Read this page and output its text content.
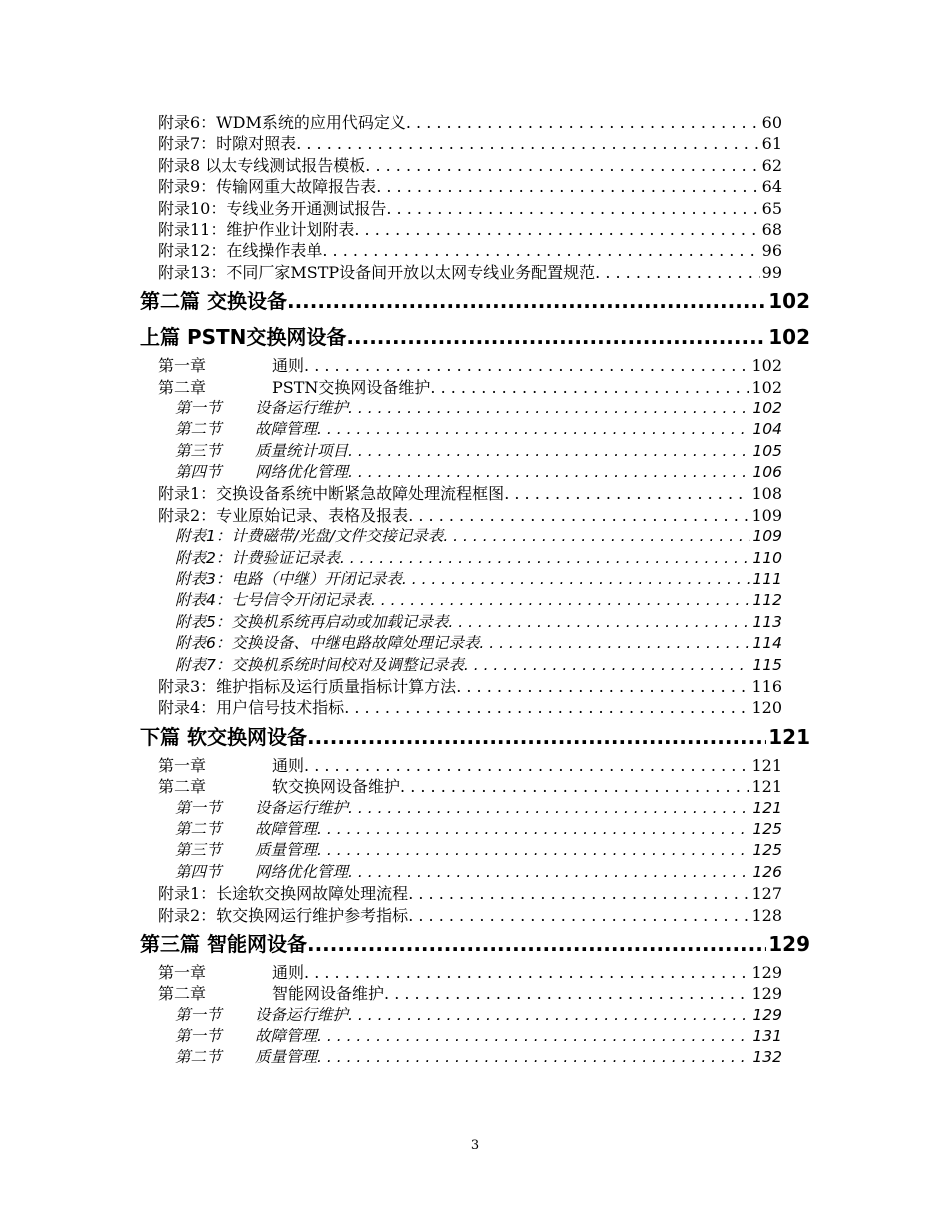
附录6：WDM系统的应用代码定义 . . .	60
附录7：时隙对照表 . . .	61
附录8 以太专线测试报告模板 . . .	62
附录9：传输网重大故障报告表 . . .	64
附录10：专线业务开通测试报告 . . .	65
附录11：维护作业计划附表 . . .	68
附录12：在线操作表单 . . .	96
附录13：不同厂家MSTP设备间开放以太网专线业务配置规范 . . .	99
第二篇 交换设备 .....	102
上篇 PSTN交换网设备 .....	102
第一章	通则 . . .	102
第二章	PSTN交换网设备维护 . . .	102
第一节 设备运行维护 . . .	102
第二节 故障管理 . . .	104
第三节 质量统计项目 . . .	105
第四节 网络优化管理 . . .	106
附录1：交换设备系统中断紧急故障处理流程框图 . . .	108
附录2：专业原始记录、表格及报表 . . .	109
附表1：计费磁带/光盘/文件交接记录表 . . .	109
附表2：计费验证记录表 . . .	110
附表3：电路（中继）开闭记录表 . . .	111
附表4：七号信令开闭记录表 . . .	112
附表5：交换机系统再启动或加载记录表 . . .	113
附表6：交换设备、中继电路故障处理记录表 . . .	114
附表7：交换机系统时间校对及调整记录表 . . .	115
附录3：维护指标及运行质量指标计算方法 . . .	116
附录4：用户信号技术指标 . . .	120
下篇 软交换网设备 .....	121
第一章	通则 . . .	121
第二章	软交换网设备维护 . . .	121
第一节 设备运行维护 . . .	121
第二节 故障管理 . . .	125
第三节 质量管理 . . .	125
第四节 网络优化管理 . . .	126
附录1：长途软交换网故障处理流程 . . .	127
附录2：软交换网运行维护参考指标 . . .	128
第三篇 智能网设备 .....	129
第一章	通则 . . .	129
第二章	智能网设备维护 . . .	129
第一节 设备运行维护 . . .	129
第一节 故障管理 . . .	131
第二节 质量管理 . . .	132
3
